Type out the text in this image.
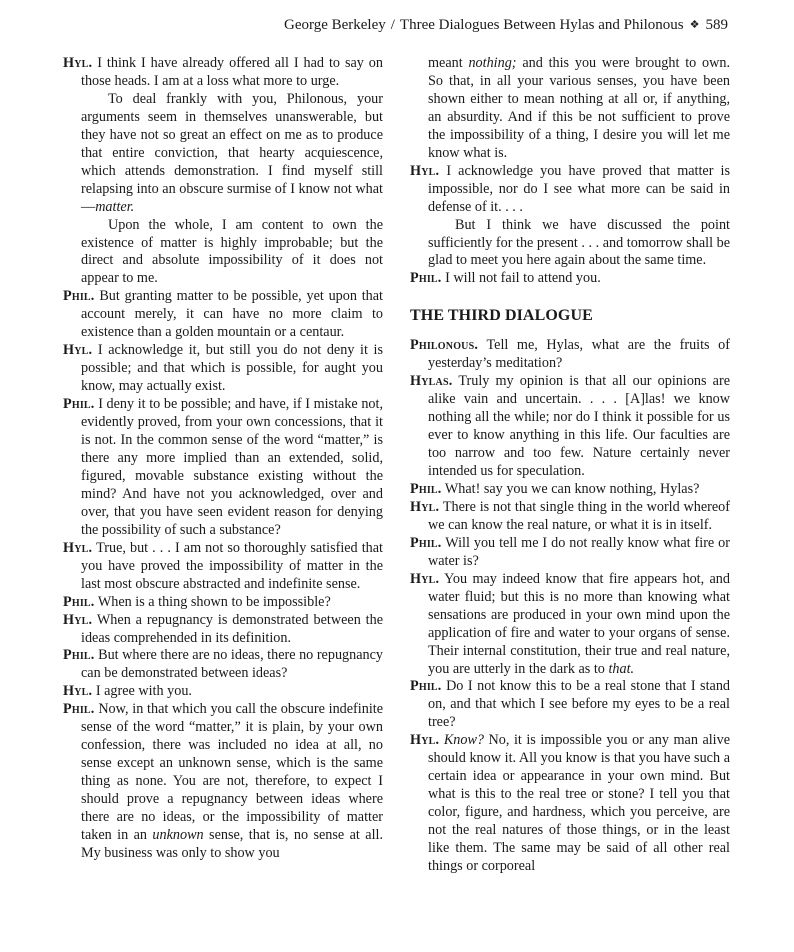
George Berkeley / Three Dialogues Between Hylas and Philonous ❖ 589
Hyl. I think I have already offered all I had to say on those heads. I am at a loss what more to urge.
To deal frankly with you, Philonous, your arguments seem in themselves unanswerable, but they have not so great an effect on me as to produce that entire conviction, that hearty acquiescence, which attends demonstration. I find myself still relapsing into an obscure surmise of I know not what—matter.
Upon the whole, I am content to own the existence of matter is highly improbable; but the direct and absolute impossibility of it does not appear to me.
Phil. But granting matter to be possible, yet upon that account merely, it can have no more claim to existence than a golden mountain or a centaur.
Hyl. I acknowledge it, but still you do not deny it is possible; and that which is possible, for aught you know, may actually exist.
Phil. I deny it to be possible; and have, if I mistake not, evidently proved, from your own concessions, that it is not. In the common sense of the word “matter,” is there any more implied than an extended, solid, figured, movable substance existing without the mind? And have not you acknowledged, over and over, that you have seen evident reason for denying the possibility of such a substance?
Hyl. True, but . . . I am not so thoroughly satisfied that you have proved the impossibility of matter in the last most obscure abstracted and indefinite sense.
Phil. When is a thing shown to be impossible?
Hyl. When a repugnancy is demonstrated between the ideas comprehended in its definition.
Phil. But where there are no ideas, there no repugnancy can be demonstrated between ideas?
Hyl. I agree with you.
Phil. Now, in that which you call the obscure indefinite sense of the word “matter,” it is plain, by your own confession, there was included no idea at all, no sense except an unknown sense, which is the same thing as none. You are not, therefore, to expect I should prove a repugnancy between ideas where there are no ideas, or the impossibility of matter taken in an unknown sense, that is, no sense at all. My business was only to show you
meant nothing; and this you were brought to own. So that, in all your various senses, you have been shown either to mean nothing at all or, if anything, an absurdity. And if this be not sufficient to prove the impossibility of a thing, I desire you will let me know what is.
Hyl. I acknowledge you have proved that matter is impossible, nor do I see what more can be said in defense of it. . . .
But I think we have discussed the point sufficiently for the present . . . and tomorrow shall be glad to meet you here again about the same time.
Phil. I will not fail to attend you.
THE THIRD DIALOGUE
Philonous. Tell me, Hylas, what are the fruits of yesterday’s meditation?
Hylas. Truly my opinion is that all our opinions are alike vain and uncertain. . . . [A]las! we know nothing all the while; nor do I think it possible for us ever to know anything in this life. Our faculties are too narrow and too few. Nature certainly never intended us for speculation.
Phil. What! say you we can know nothing, Hylas?
Hyl. There is not that single thing in the world whereof we can know the real nature, or what it is in itself.
Phil. Will you tell me I do not really know what fire or water is?
Hyl. You may indeed know that fire appears hot, and water fluid; but this is no more than knowing what sensations are produced in your own mind upon the application of fire and water to your organs of sense. Their internal constitution, their true and real nature, you are utterly in the dark as to that.
Phil. Do I not know this to be a real stone that I stand on, and that which I see before my eyes to be a real tree?
Hyl. Know? No, it is impossible you or any man alive should know it. All you know is that you have such a certain idea or appearance in your own mind. But what is this to the real tree or stone? I tell you that color, figure, and hardness, which you perceive, are not the real natures of those things, or in the least like them. The same may be said of all other real things or corporeal
